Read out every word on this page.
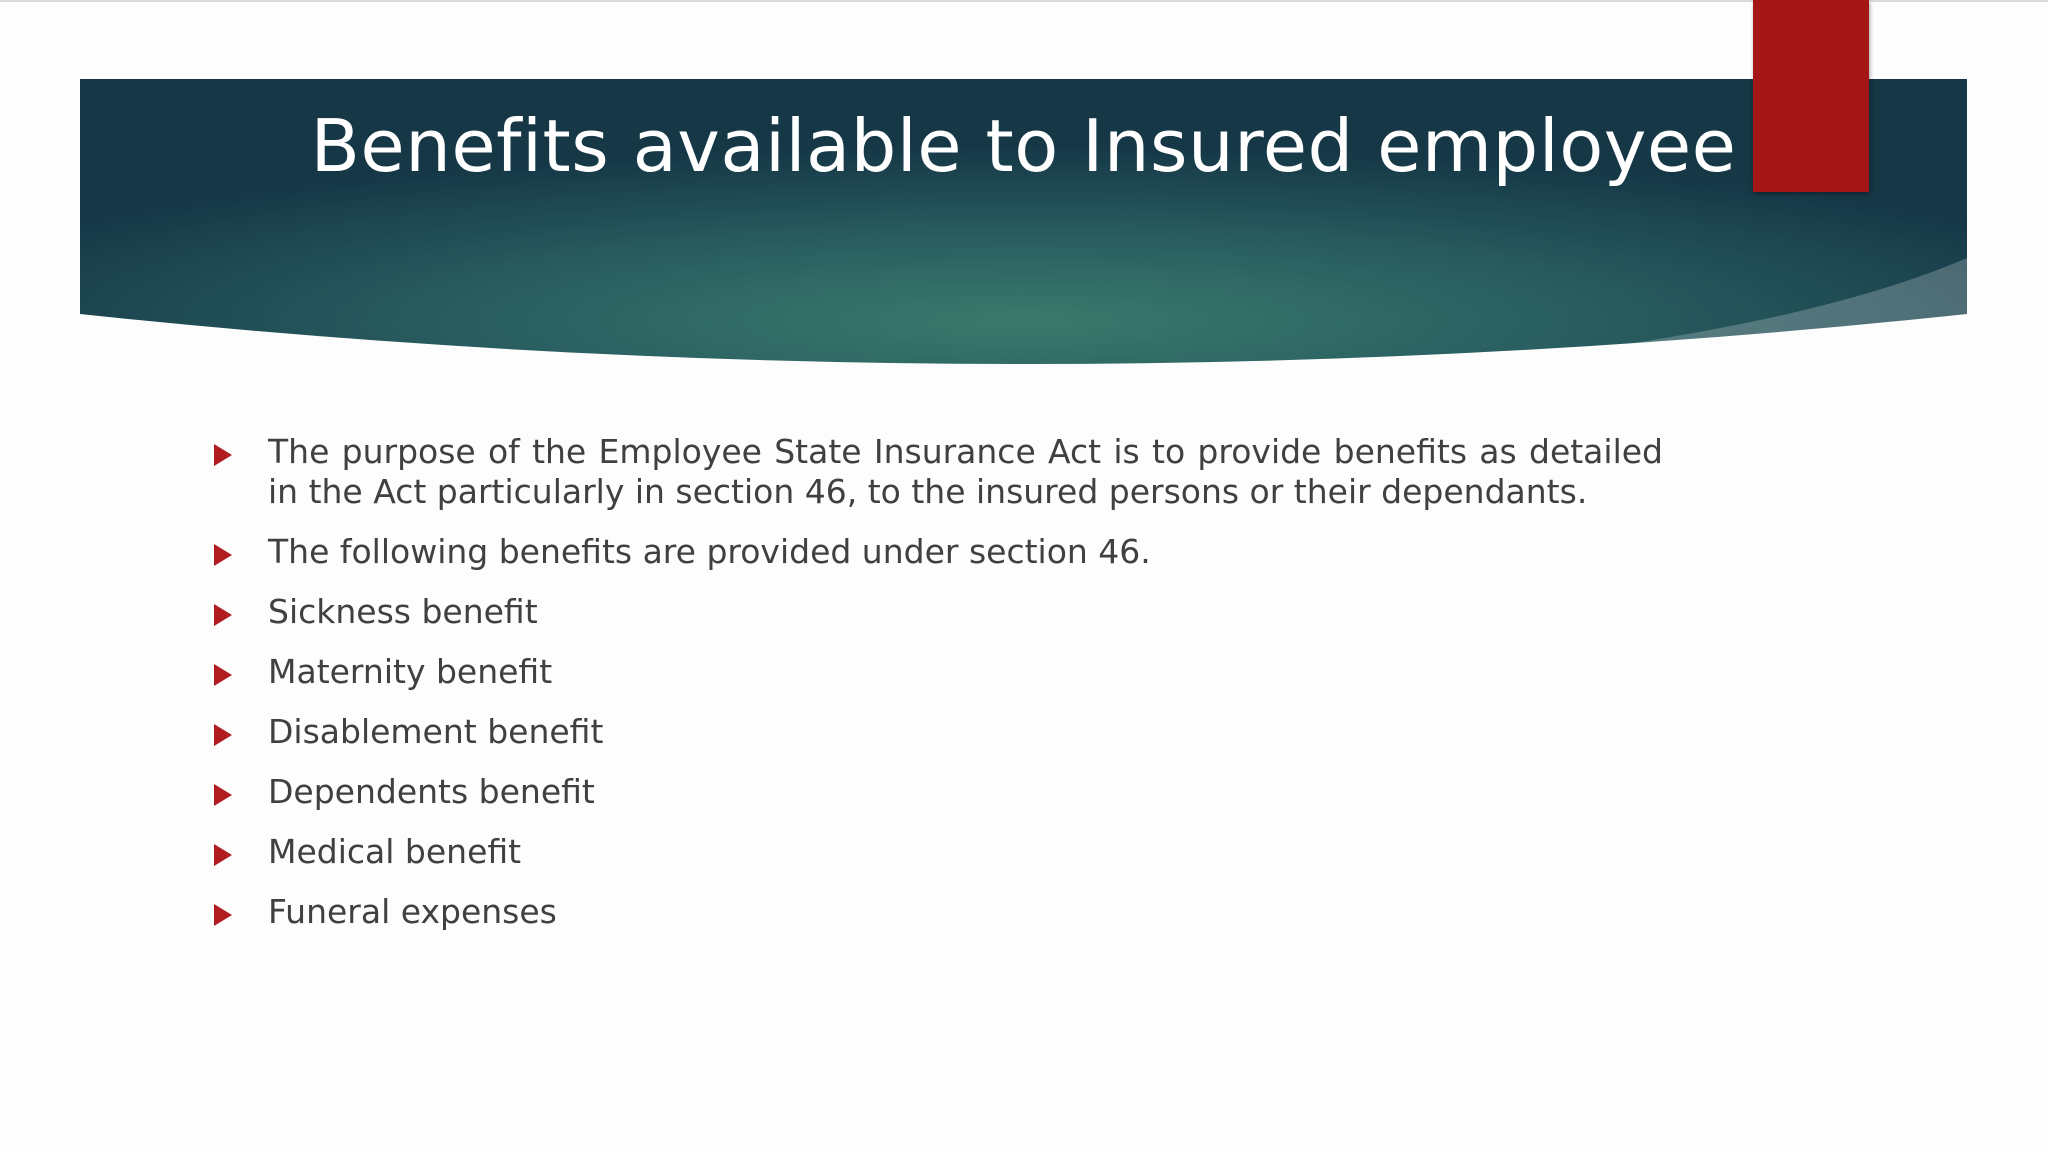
Benefits available to Insured employee
The purpose of the Employee State Insurance Act is to provide benefits as detailed in the Act particularly in section 46, to the insured persons or their dependants.
The following benefits are provided under section 46.
Sickness benefit
Maternity benefit
Disablement benefit
Dependents benefit
Medical benefit
Funeral expenses
